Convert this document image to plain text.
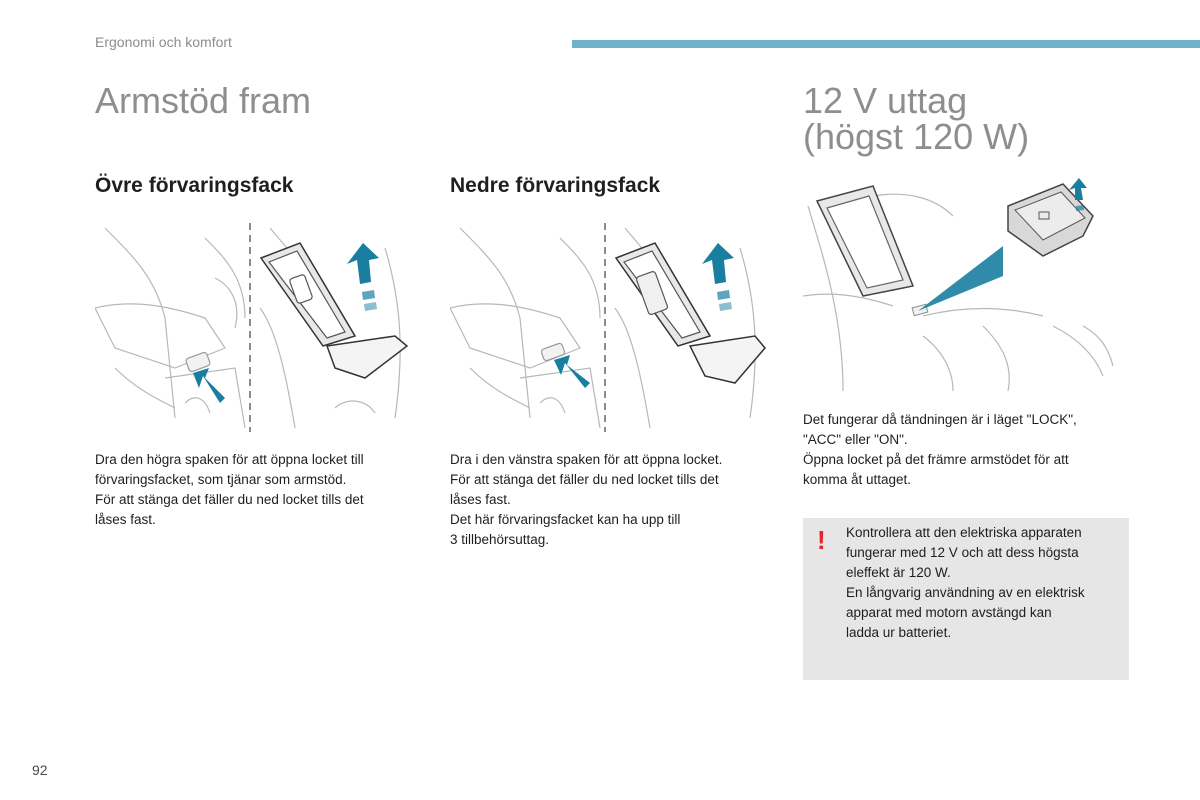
Ergonomi och komfort
Armstöd fram
Övre förvaringsfack	Nedre förvaringsfack

Dra den högra spaken för att öppna locket till

förvaringsfacket, som tjänar som armstöd.

För att stänga det fäller du ned locket tills det

låses fast.

Dra i den vänstra spaken för att öppna locket.

För att stänga det fäller du ned locket tills det

låses fast.

Det här förvaringsfacket kan ha upp till

3 tillbehörsuttag.

12 V uttag
(högst 120 W)

Det fungerar då tändningen är i läget "LOCK",

"ACC" eller "ON".

Öppna locket på det främre armstödet för att

komma åt uttaget.

! Kontrollera att den elektriska apparaten

fungerar med 12 V och att dess högsta

eleffekt är 120 W.

En långvarig användning av en elektrisk

apparat med motorn avstängd kan

ladda ur batteriet.

92
